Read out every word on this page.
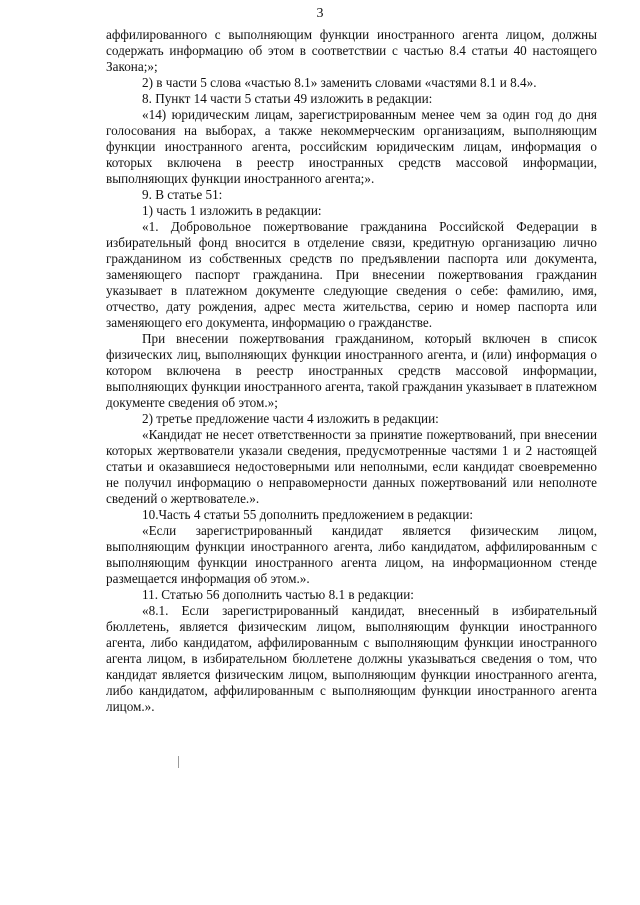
3

аффилированного с выполняющим функции иностранного агента лицом, должны содержать информацию об этом в соответствии с частью 8.4 статьи 40 настоящего Закона;»;

2) в части 5 слова «частью 8.1» заменить словами «частями 8.1 и 8.4».

8. Пункт 14 части 5 статьи 49 изложить в редакции:

«14) юридическим лицам, зарегистрированным менее чем за один год до дня голосования на выборах, а также некоммерческим организациям, выполняющим функции иностранного агента, российским юридическим лицам, информация о которых включена в реестр иностранных средств массовой информации, выполняющих функции иностранного агента;».

9. В статье 51:

1) часть 1 изложить в редакции:

«1. Добровольное пожертвование гражданина Российской Федерации в избирательный фонд вносится в отделение связи, кредитную организацию лично гражданином из собственных средств по предъявлении паспорта или документа, заменяющего паспорт гражданина. При внесении пожертвования гражданин указывает в платежном документе следующие сведения о себе: фамилию, имя, отчество, дату рождения, адрес места жительства, серию и номер паспорта или заменяющего его документа, информацию о гражданстве.

При внесении пожертвования гражданином, который включен в список физических лиц, выполняющих функции иностранного агента, и (или) информация о котором включена в реестр иностранных средств массовой информации, выполняющих функции иностранного агента, такой гражданин указывает в платежном документе сведения об этом.»;

2) третье предложение части 4 изложить в редакции:

«Кандидат не несет ответственности за принятие пожертвований, при внесении которых жертвователи указали сведения, предусмотренные частями 1 и 2 настоящей статьи и оказавшиеся недостоверными или неполными, если кандидат своевременно не получил информацию о неправомерности данных пожертвований или неполноте сведений о жертвователе.».

10.Часть 4 статьи 55 дополнить предложением в редакции:

«Если зарегистрированный кандидат является физическим лицом, выполняющим функции иностранного агента, либо кандидатом, аффилированным с выполняющим функции иностранного агента лицом, на информационном стенде размещается информация об этом.».

11. Статью 56 дополнить частью 8.1 в редакции:

«8.1. Если зарегистрированный кандидат, внесенный в избирательный бюллетень, является физическим лицом, выполняющим функции иностранного агента, либо кандидатом, аффилированным с выполняющим функции иностранного агента лицом, в избирательном бюллетене должны указываться сведения о том, что кандидат является физическим лицом, выполняющим функции иностранного агента, либо кандидатом, аффилированным с выполняющим функции иностранного агента лицом.».
